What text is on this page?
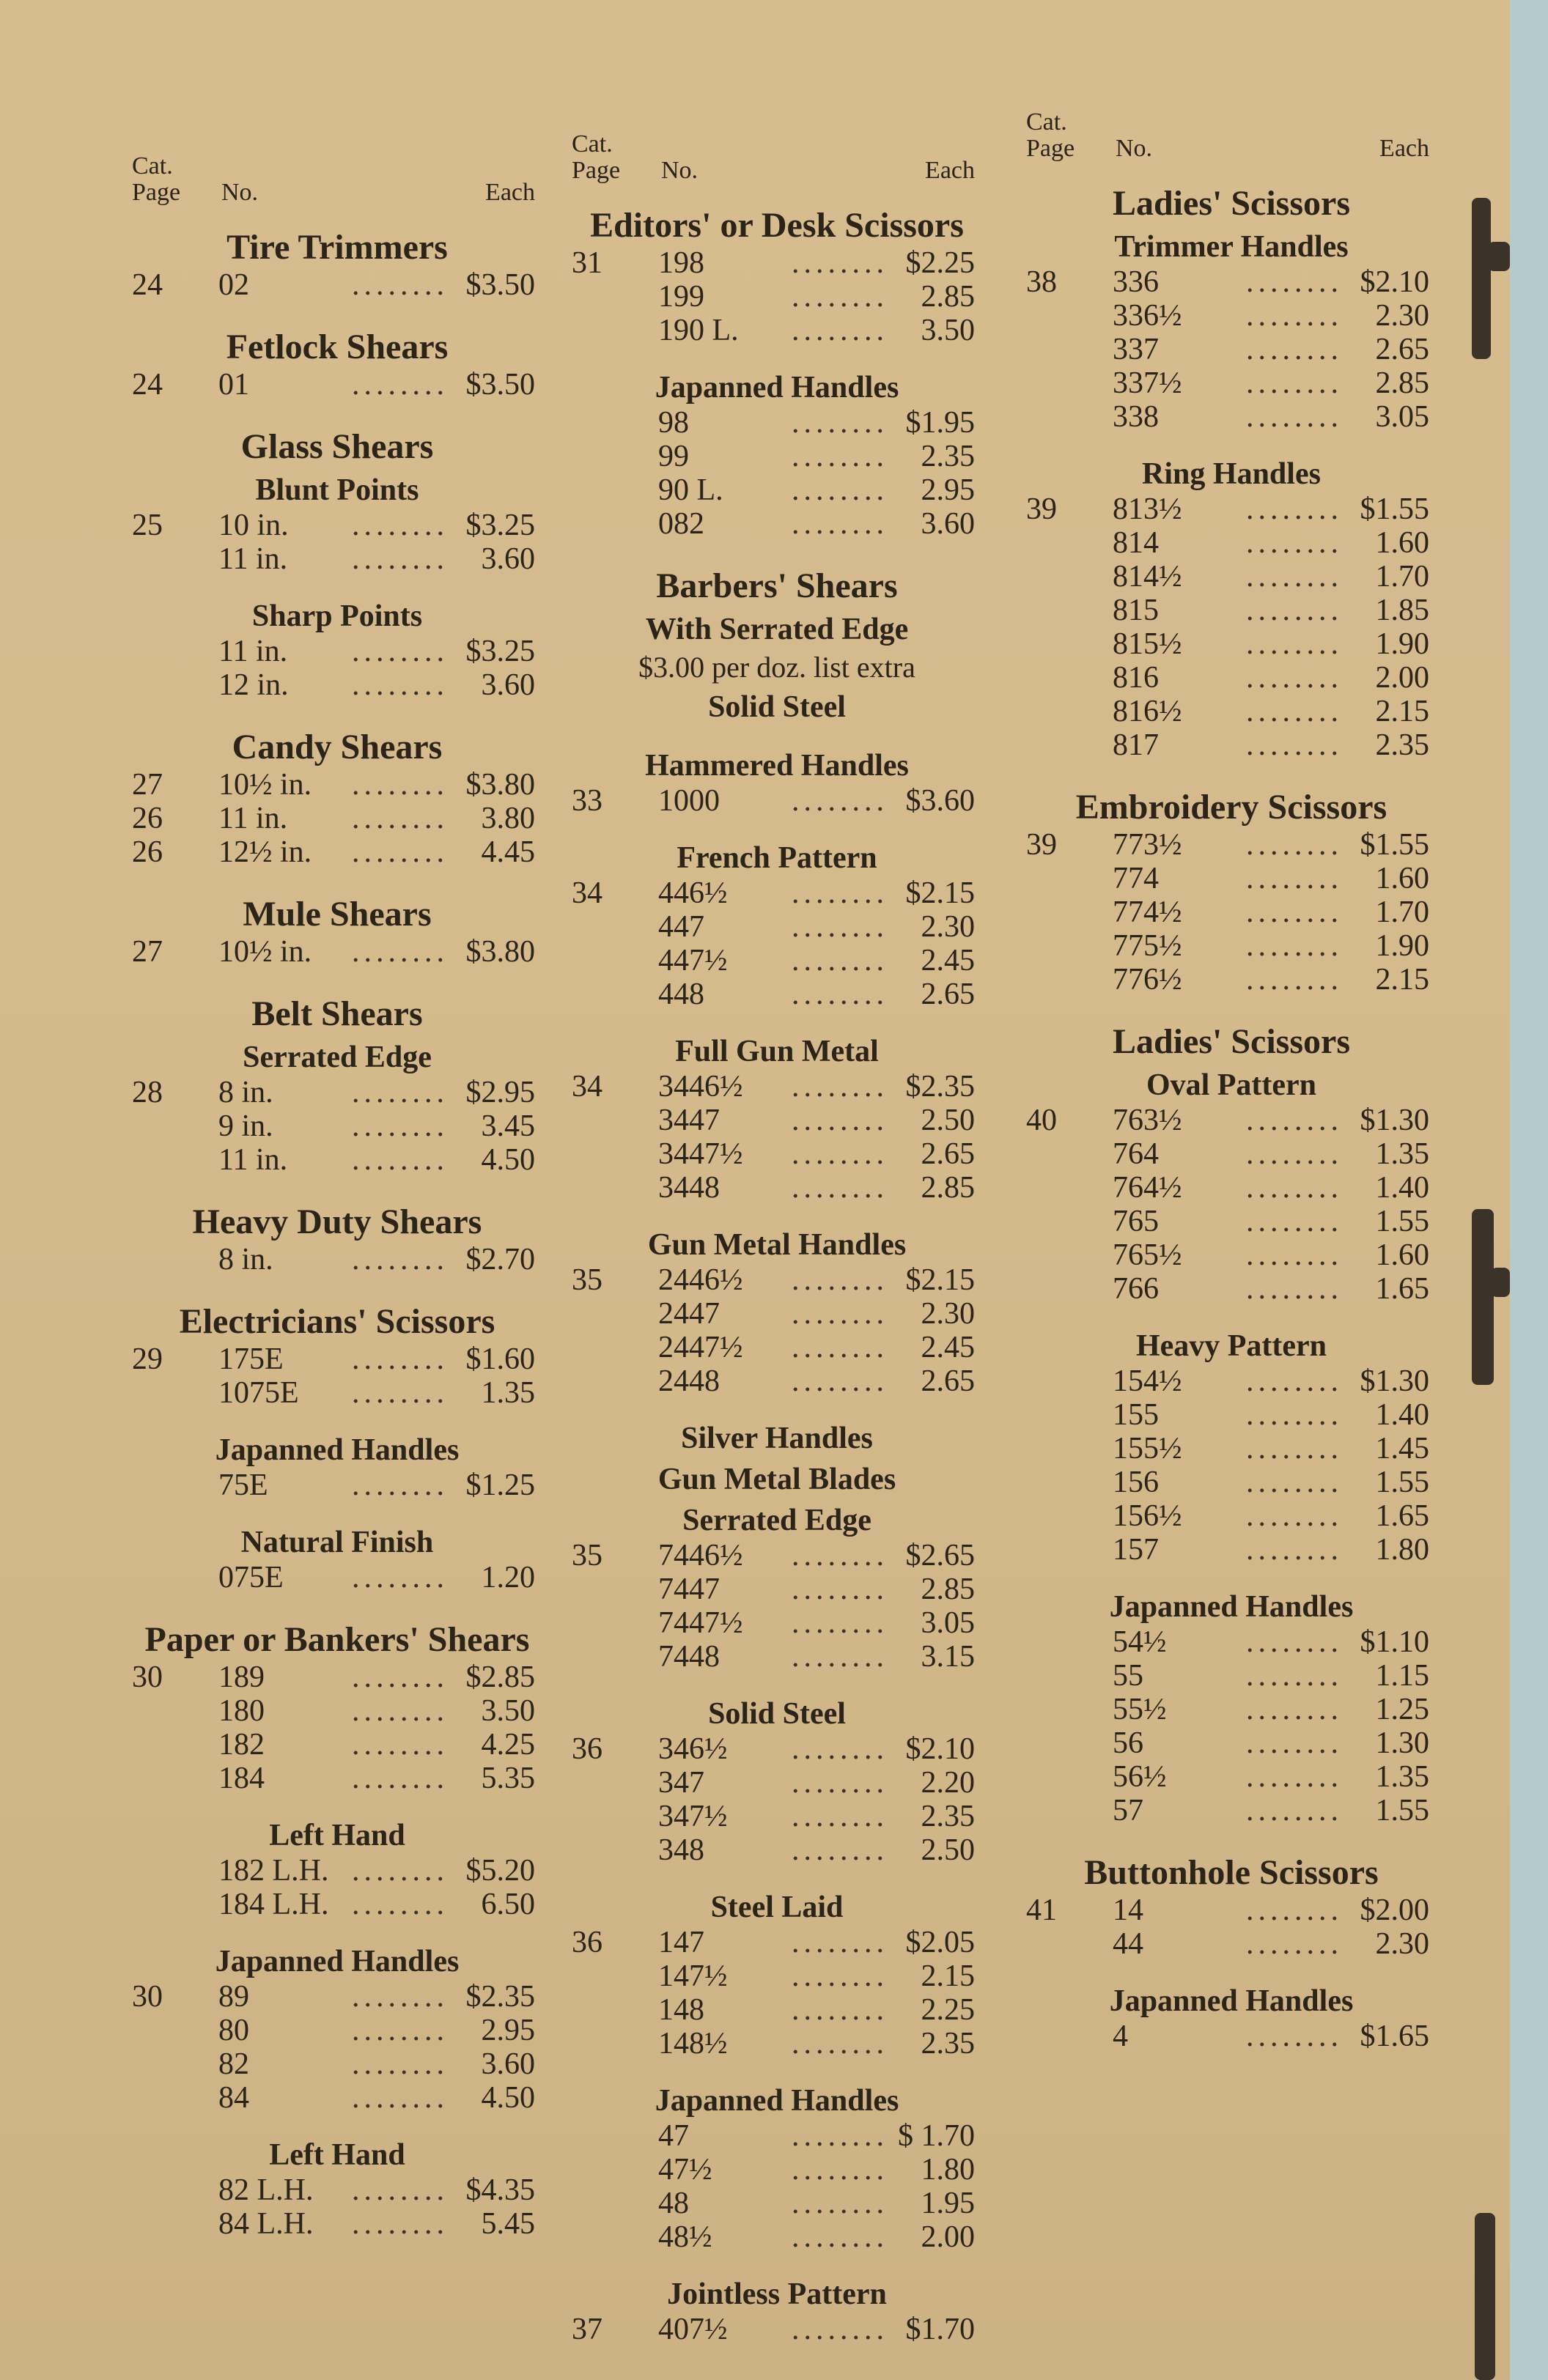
Cat.
Page No.	Each
Tire Trimmers
24 02	........ $3.50
Fetlock Shears
24 01	........ $3.50
Glass Shears
Blunt Points
25 10 in. ........ $3.25
11 in. ........ 3.60
Sharp Points
11 in. ........ $3.25
12 in. ........ 3.60
Candy Shears
27 10½ in. ........ $3.80
26 11 in. ........ 3.80
26 12½ in. ........ 4.45
Mule Shears
27 10½ in. ........ $3.80
Belt Shears
Serrated Edge
28 8 in.	........ $2.95
9 in.	........ 3.45
11 in. ........ 4.50
Heavy Duty Shears
8 in.	........ $2.70
Electricians' Scissors
29 175E ........ $1.60
1075E ........ 1.35
Japanned Handles
75E	........ $1.25
Natural Finish
075E ........ 1.20
Paper or Bankers' Shears
30 189	........ $2.85
180	........ 3.50
182	........ 4.25
184	........ 5.35
Left Hand
182 L.H. ........ $5.20
184 L.H. ........ 6.50
Japanned Handles
30 89	........ $2.35
80	........ 2.95
82	........ 3.60
84	........ 4.50
Left Hand
82 L.H. ........ $4.35
84 L.H. ........ 5.45
Cat.
Page No.	Each
Editors' or Desk Scissors
31 198	........ $2.25
199	........ 2.85
190 L. ........ 3.50
Japanned Handles
98	........ $1.95
99	........ 2.35
90 L. ........ 2.95
082	........ 3.60
Barbers' Shears
With Serrated Edge
$3.00 per doz. list extra
Solid Steel
Hammered Handles
33 1000 ........ $3.60
French Pattern
34 446½ ........ $2.15
447	........ 2.30
447½ ........ 2.45
448	........ 2.65
Full Gun Metal
34 3446½ ........ $2.35
3447 ........ 2.50
3447½ ........ 2.65
3448 ........ 2.85
Gun Metal Handles
35 2446½ ........ $2.15
2447 ........ 2.30
2447½ ........ 2.45
2448 ........ 2.65
Silver Handles
Gun Metal Blades
Serrated Edge
35 7446½ ........ $2.65
7447 ........ 2.85
7447½ ........ 3.05
7448 ........ 3.15
Solid Steel
36 346½ ........ $2.10
347	........ 2.20
347½ ........ 2.35
348	........ 2.50
Steel Laid
36 147	........ $2.05
147½ ........ 2.15
148	........ 2.25
148½ ........ 2.35
Japanned Handles
47	........ $ 1.70
47½	........ 1.80
48	........ 1.95
48½	........ 2.00
Jointless Pattern
37 407½ ........ $1.70
Cat.
Page No.	Each
Ladies' Scissors
Trimmer Handles
38 336	........ $2.10
336½ ........ 2.30
337	........ 2.65
337½ ........ 2.85
338	........ 3.05
Ring Handles
39 813½ ........ $1.55
814	........ 1.60
814½ ........ 1.70
815	........ 1.85
815½ ........ 1.90
816	........ 2.00
816½ ........ 2.15
817	........ 2.35
Embroidery Scissors
39 773½ ........ $1.55
774	........ 1.60
774½ ........ 1.70
775½ ........ 1.90
776½ ........ 2.15
Ladies' Scissors
Oval Pattern
40 763½ ........ $1.30
764	........ 1.35
764½ ........ 1.40
765	........ 1.55
765½ ........ 1.60
766	........ 1.65
Heavy Pattern
154½ ........ $1.30
155	........ 1.40
155½ ........ 1.45
156	........ 1.55
156½ ........ 1.65
157	........ 1.80
Japanned Handles
54½	........ $1.10
55	........ 1.15
55½	........ 1.25
56	........ 1.30
56½	........ 1.35
57	........ 1.55
Buttonhole Scissors
41 14	........ $2.00
44	........ 2.30
Japanned Handles
4	........ $1.65
